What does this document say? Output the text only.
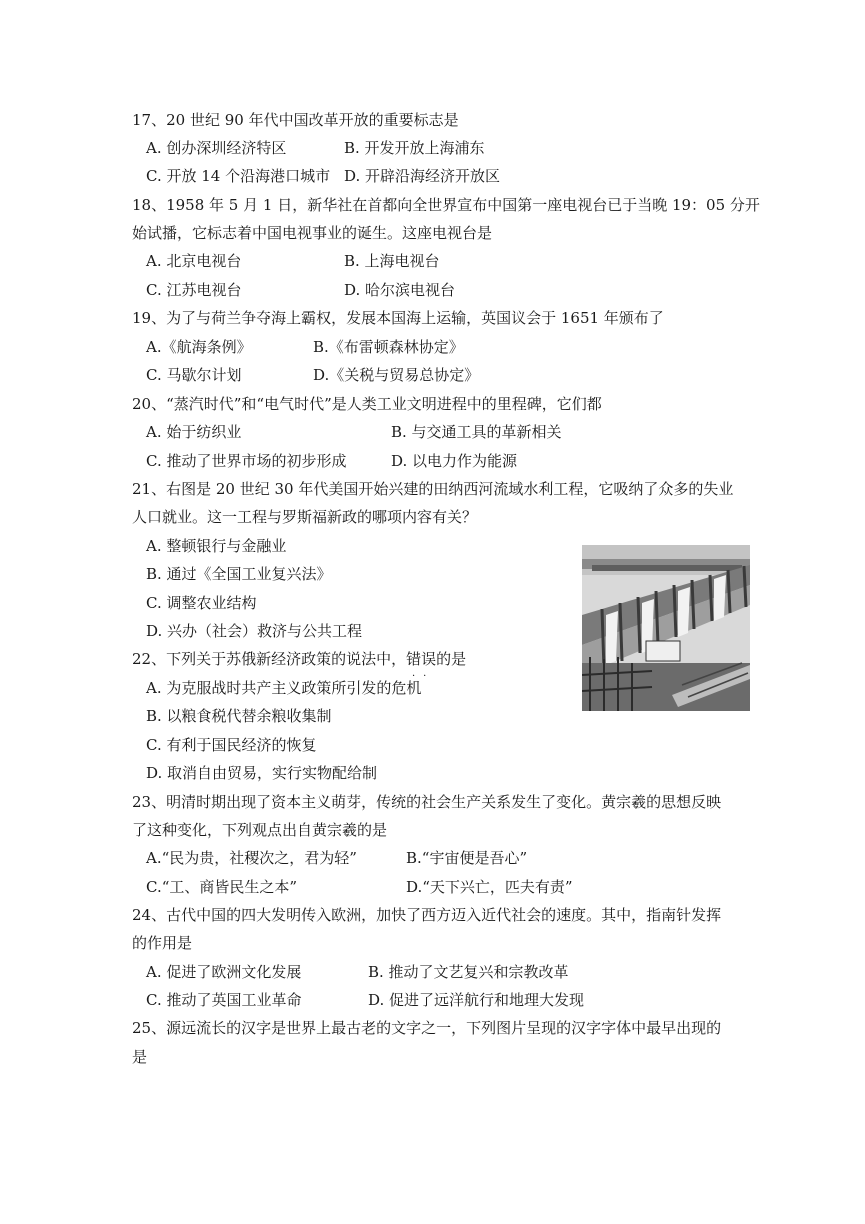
17、20 世纪 90 年代中国改革开放的重要标志是
A. 创办深圳经济特区	B. 开发开放上海浦东
C. 开放 14 个沿海港口城市 D. 开辟沿海经济开放区
18、1958 年 5 月 1 日，新华社在首都向全世界宣布中国第一座电视台已于当晚 19：05 分开
始试播，它标志着中国电视事业的诞生。这座电视台是
A. 北京电视台	B. 上海电视台
C. 江苏电视台	D. 哈尔滨电视台
19、为了与荷兰争夺海上霸权，发展本国海上运输，英国议会于 1651 年颁布了
A.《航海条例》	B.《布雷顿森林协定》
C. 马歇尔计划	D.《关税与贸易总协定》
20、“蒸汽时代”和“电气时代”是人类工业文明进程中的里程碑，它们都
A. 始于纺织业	B. 与交通工具的革新相关
C. 推动了世界市场的初步形成	D. 以电力作为能源
21、右图是 20 世纪 30 年代美国开始兴建的田纳西河流域水利工程，它吸纳了众多的失业
人口就业。这一工程与罗斯福新政的哪项内容有关？
A. 整顿银行与金融业
B. 通过《全国工业复兴法》
C. 调整农业结构
D. 兴办（社会）救济与公共工程
22、下列关于苏俄新经济政策的说法中，错误的是
··
A. 为克服战时共产主义政策所引发的危机
B. 以粮食税代替余粮收集制
C. 有利于国民经济的恢复
D. 取消自由贸易，实行实物配给制
23、明清时期出现了资本主义萌芽，传统的社会生产关系发生了变化。黄宗羲的思想反映
了这种变化，下列观点出自黄宗羲的是
A.“民为贵，社稷次之，君为轻”	B.“宇宙便是吾心”
C.“工、商皆民生之本”	D.“天下兴亡，匹夫有责”
24、古代中国的四大发明传入欧洲，加快了西方迈入近代社会的速度。其中，指南针发挥
的作用是
A. 促进了欧洲文化发展	B. 推动了文艺复兴和宗教改革
C. 推动了英国工业革命	D. 促进了远洋航行和地理大发现
25、源远流长的汉字是世界上最古老的文字之一，下列图片呈现的汉字字体中最早出现的
是
